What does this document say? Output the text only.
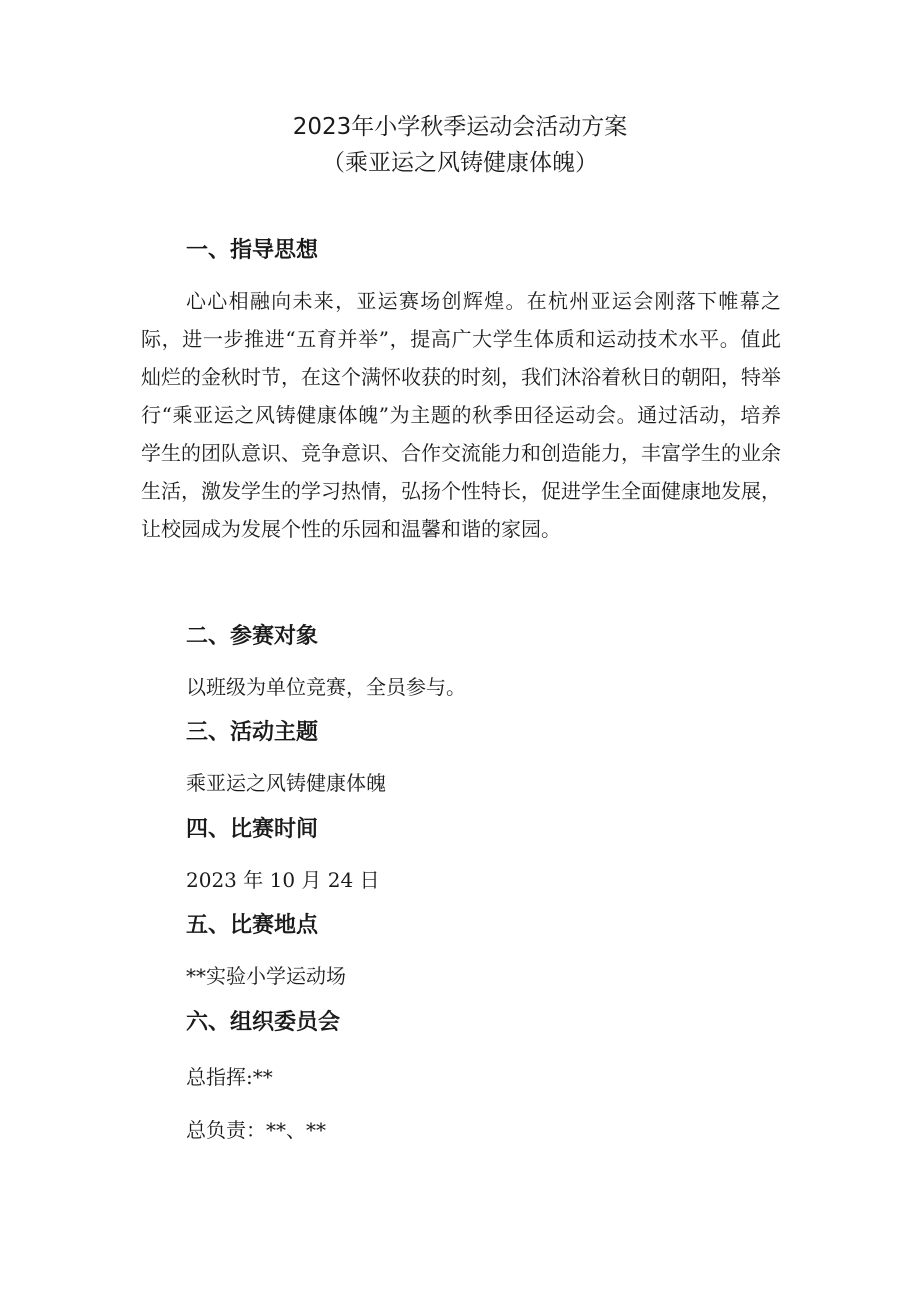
2023年小学秋季运动会活动方案
（乘亚运之风铸健康体魄）
一、指导思想

心心相融向未来，亚运赛场创辉煌。在杭州亚运会刚落下帷幕之际，进一步推进“五育并举”，提高广大学生体质和运动技术水平。值此灿烂的金秋时节，在这个满怀收获的时刻，我们沐浴着秋日的朝阳，特举行“乘亚运之风铸健康体魄”为主题的秋季田径运动会。通过活动，培养学生的团队意识、竞争意识、合作交流能力和创造能力，丰富学生的业余生活，激发学生的学习热情，弘扬个性特长，促进学生全面健康地发展，让校园成为发展个性的乐园和温馨和谐的家园。

二、参赛对象
以班级为单位竞赛，全员参与。
三、活动主题
乘亚运之风铸健康体魄
四、比赛时间
2023 年 10 月 24 日
五、比赛地点
**实验小学运动场
六、组织委员会
总指挥:**
总负责：**、**
